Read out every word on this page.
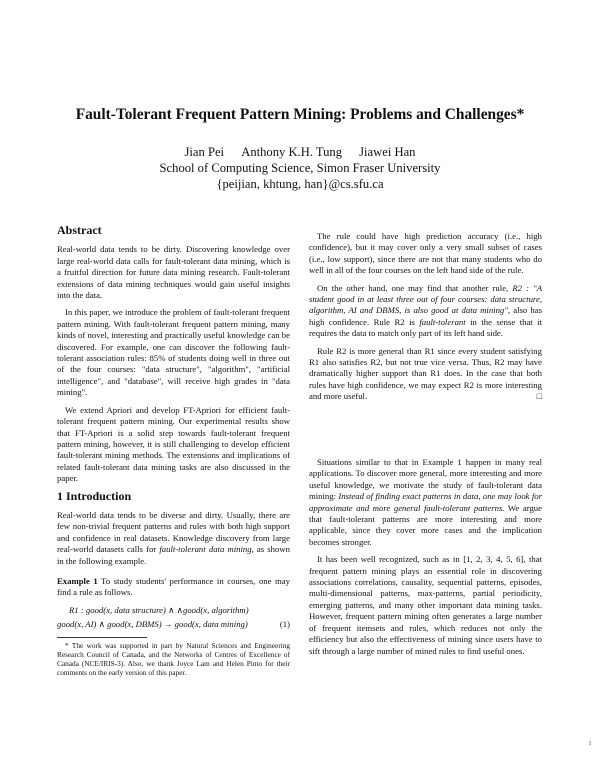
Fault-Tolerant Frequent Pattern Mining: Problems and Challenges*
Jian Pei Anthony K.H. Tung Jiawei Han
School of Computing Science, Simon Fraser University
{peijian, khtung, han}@cs.sfu.ca
Abstract

Real-world data tends to be dirty. Discovering knowledge over large real-world data calls for fault-tolerant data mining, which is a fruitful direction for future data mining research. Fault-tolerant extensions of data mining techniques would gain useful insights into the data.

In this paper, we introduce the problem of fault-tolerant frequent pattern mining. With fault-tolerant frequent pattern mining, many kinds of novel, interesting and practically useful knowledge can be discovered. For example, one can discover the following fault-tolerant association rules: 85% of students doing well in three out of the four courses: "data structure", "algorithm", "artificial intelligence", and "database", will receive high grades in "data mining".

We extend Apriori and develop FT-Apriori for efficient fault-tolerant frequent pattern mining. Our experimental results show that FT-Apriori is a solid step towards fault-tolerant frequent pattern mining, however, it is still challenging to develop efficient fault-tolerant mining methods. The extensions and implications of related fault-tolerant data mining tasks are also discussed in the paper.

1 Introduction

Real-world data tends to be diverse and dirty. Usually, there are few non-trivial frequent patterns and rules with both high support and confidence in real datasets. Knowledge discovery from large real-world datasets calls for fault-tolerant data mining, as shown in the following example.

Example 1 To study students' performance in courses, one may find a rule as follows.

R1 : good(x, data structure) ∧ ∧good(x, algorithm)
good(x, AI) ∧ good(x, DBMS) → good(x, data mining)	(1)

* The work was supported in part by Natural Sciences and Engineering Research Council of Canada, and the Networks of Centres of Excellence of Canada (NCE/IRIS-3). Also, we thank Joyce Lam and Helen Pinto for their comments on the early version of this paper.

The rule could have high prediction accuracy (i.e., high confidence), but it may cover only a very small subset of cases (i.e., low support), since there are not that many students who do well in all of the four courses on the left hand side of the rule.

On the other hand, one may find that another rule, R2 : "A student good in at least three out of four courses: data structure, algorithm, AI and DBMS, is also good at data mining", also has high confidence. Rule R2 is fault-tolerant in the sense that it requires the data to match only part of its left hand side.

Rule R2 is more general than R1 since every student satisfying R1 also satisfies R2, but not true vice versa. Thus, R2 may have dramatically higher support than R1 does. In the case that both rules have high confidence, we may expect R2 is more interesting and more useful.	□

Situations similar to that in Example 1 happen in many real applications. To discover more general, more interesting and more useful knowledge, we motivate the study of fault-tolerant data mining: Instead of finding exact patterns in data, one may look for approximate and more general fault-tolerant patterns. We argue that fault-tolerant patterns are more interesting and more applicable, since they cover more cases and the implication becomes stronger.

It has been well recognized, such as in [1, 2, 3, 4, 5, 6], that frequent pattern mining plays an essential role in discovering associations correlations, causality, sequential patterns, episodes, multi-dimensional patterns, max-patterns, partial periodicity, emerging patterns, and many other important data mining tasks. However, frequent pattern mining often generates a large number of frequent itemsets and rules, which reduces not only the efficiency but also the effectiveness of mining since users have to sift through a large number of mined rules to find useful ones.

1
